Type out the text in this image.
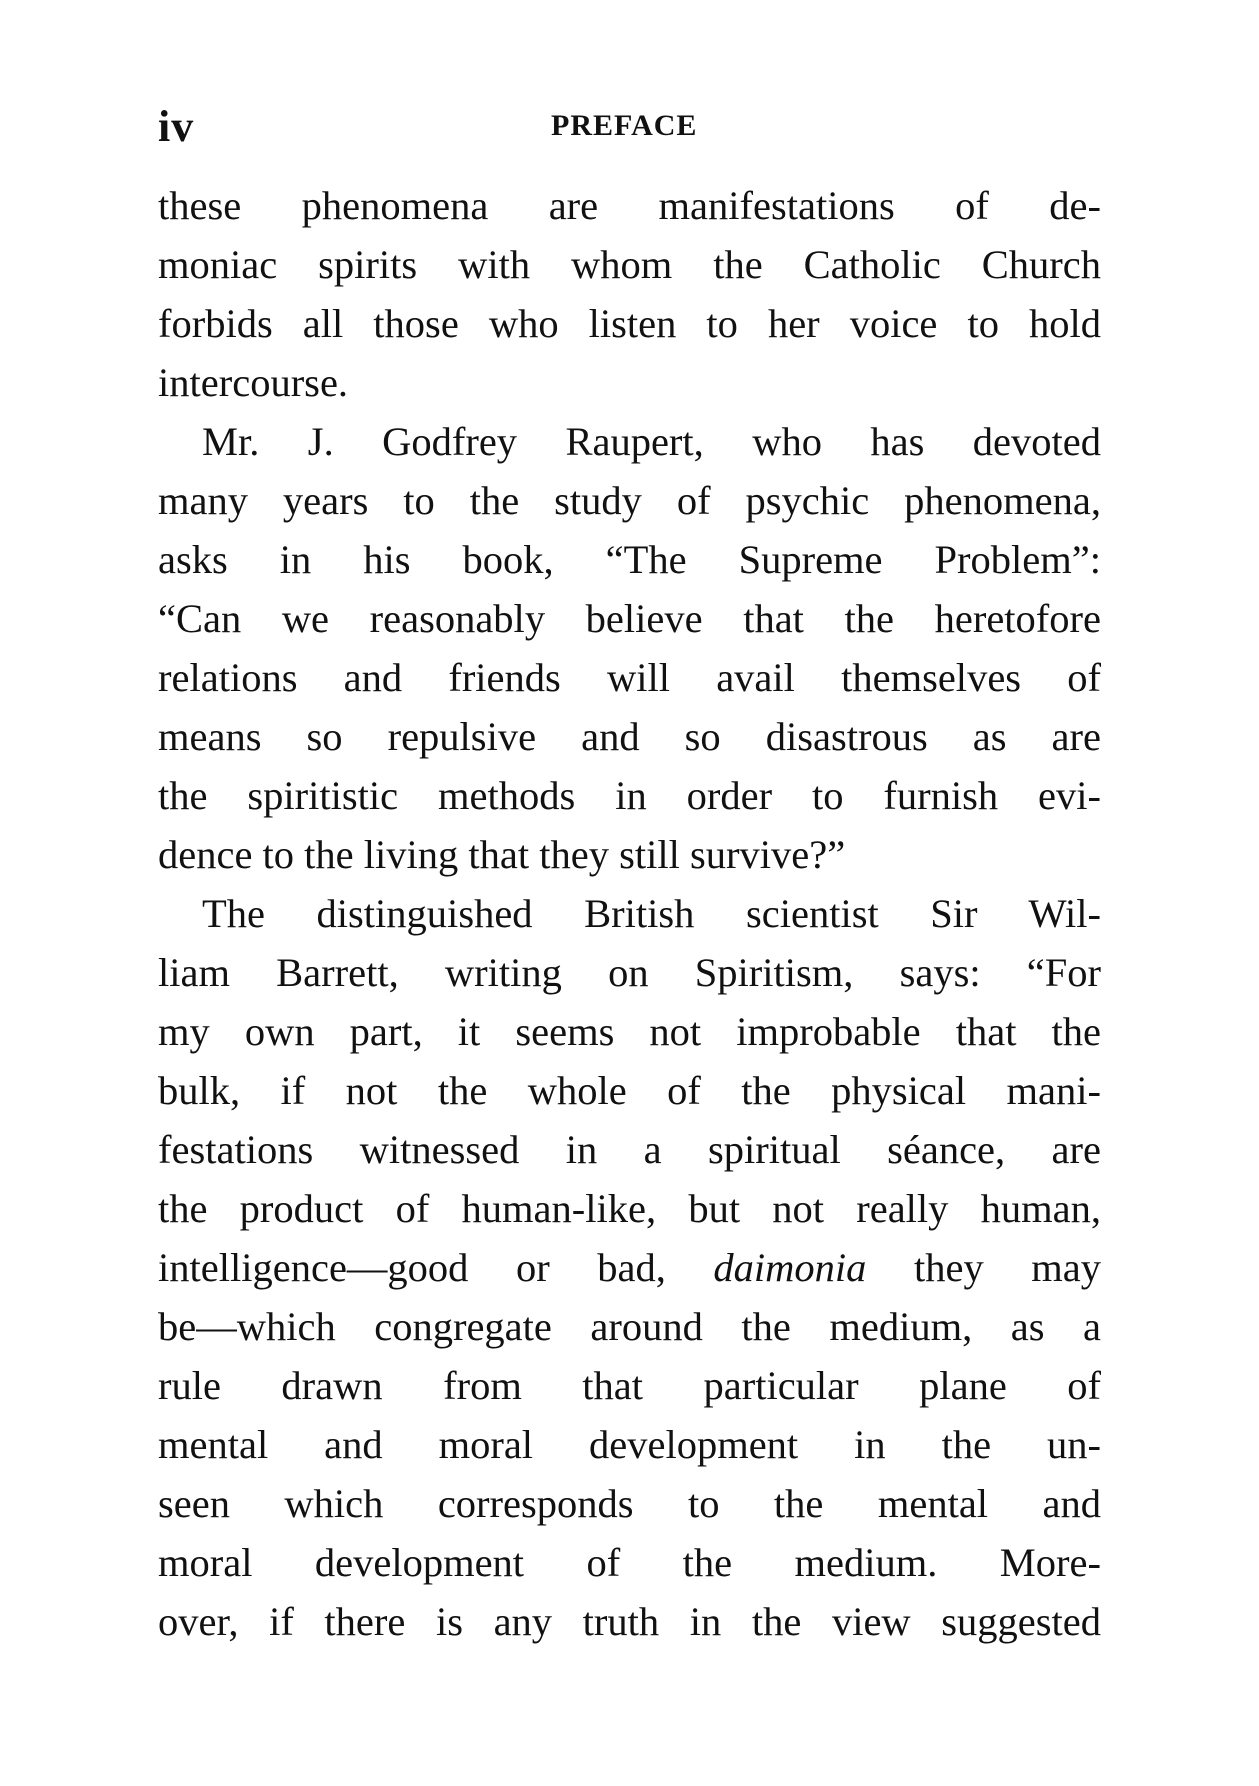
iv	PREFACE
these phenomena are manifestations of de-
moniac spirits with whom the Catholic Church
forbids all those who listen to her voice to hold
intercourse.
Mr. J. Godfrey Raupert, who has devoted
many years to the study of psychic phenomena,
asks in his book, “The Supreme Problem”:
“Can we reasonably believe that the heretofore
relations and friends will avail themselves of
means so repulsive and so disastrous as are
the spiritistic methods in order to furnish evi-
dence to the living that they still survive?”
The distinguished British scientist Sir Wil-
liam Barrett, writing on Spiritism, says: “For
my own part, it seems not improbable that the
bulk, if not the whole of the physical mani-
festations witnessed in a spiritual séance, are
the product of human-like, but not really human,
intelligence—good or bad, daimonia they may
be—which congregate around the medium, as a
rule drawn from that particular plane of
mental and moral development in the un-
seen which corresponds to the mental and
moral development of the medium. More-
over, if there is any truth in the view suggested
